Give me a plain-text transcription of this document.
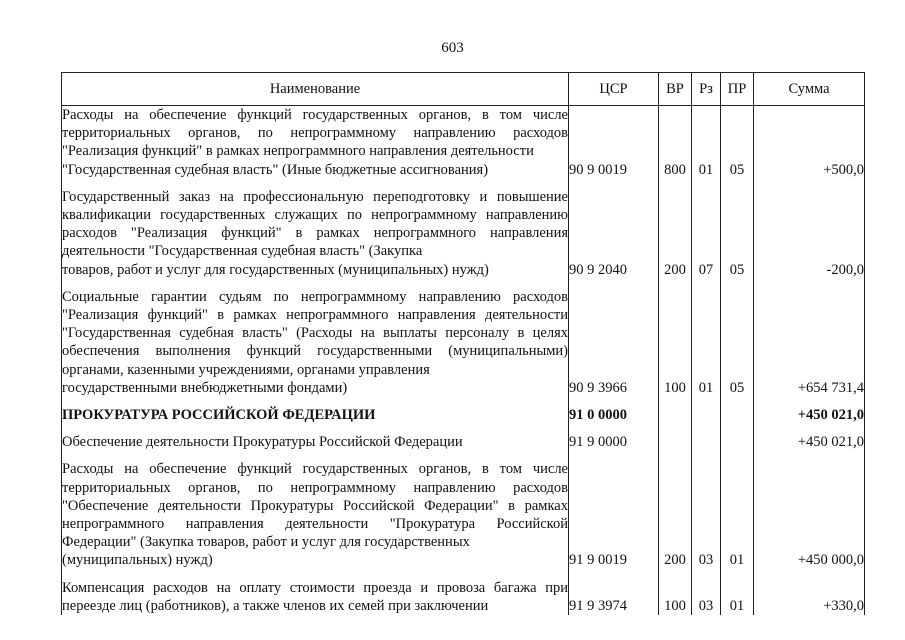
603
Наименование	ЦСР	ВР	Рз	ПР	Сумма
Расходы на обеспечение функций государственных органов, в том числе территориальных органов, по непрограммному направлению расходов "Реализация функций" в рамках непрограммного направления деятельности
"Государственная судебная власть" (Иные бюджетные ассигнования)	90 9 0019	800	01	05	+500,0
Государственный заказ на профессиональную переподготовку и повышение квалификации государственных служащих по непрограммному направлению расходов "Реализация функций" в рамках непрограммного направления деятельности "Государственная судебная власть" (Закупка
товаров, работ и услуг для государственных (муниципальных) нужд)	90 9 2040	200	07	05	-200,0
Социальные гарантии судьям по непрограммному направлению расходов "Реализация функций" в рамках непрограммного направления деятельности "Государственная судебная власть" (Расходы на выплаты персоналу в целях обеспечения выполнения функций государственными (муниципальными) органами, казенными учреждениями, органами управления
государственными внебюджетными фондами)	90 9 3966	100	01	05	+654 731,4

ПРОКУРАТУРА РОССИЙСКОЙ ФЕДЕРАЦИИ	91 0 0000				+450 021,0

Обеспечение деятельности Прокуратуры Российской Федерации	91 9 0000				+450 021,0
Расходы на обеспечение функций государственных органов, в том числе территориальных органов, по непрограммному направлению расходов "Обеспечение деятельности Прокуратуры Российской Федерации" в рамках непрограммного направления деятельности "Прокуратура Российской Федерации" (Закупка товаров, работ и услуг для государственных
(муниципальных) нужд)	91 9 0019	200	03	01	+450 000,0
Компенсация расходов на оплату стоимости проезда и провоза багажа при переезде лиц (работников), а также членов их семей при заключении	91 9 3974	100	03	01	+330,0
